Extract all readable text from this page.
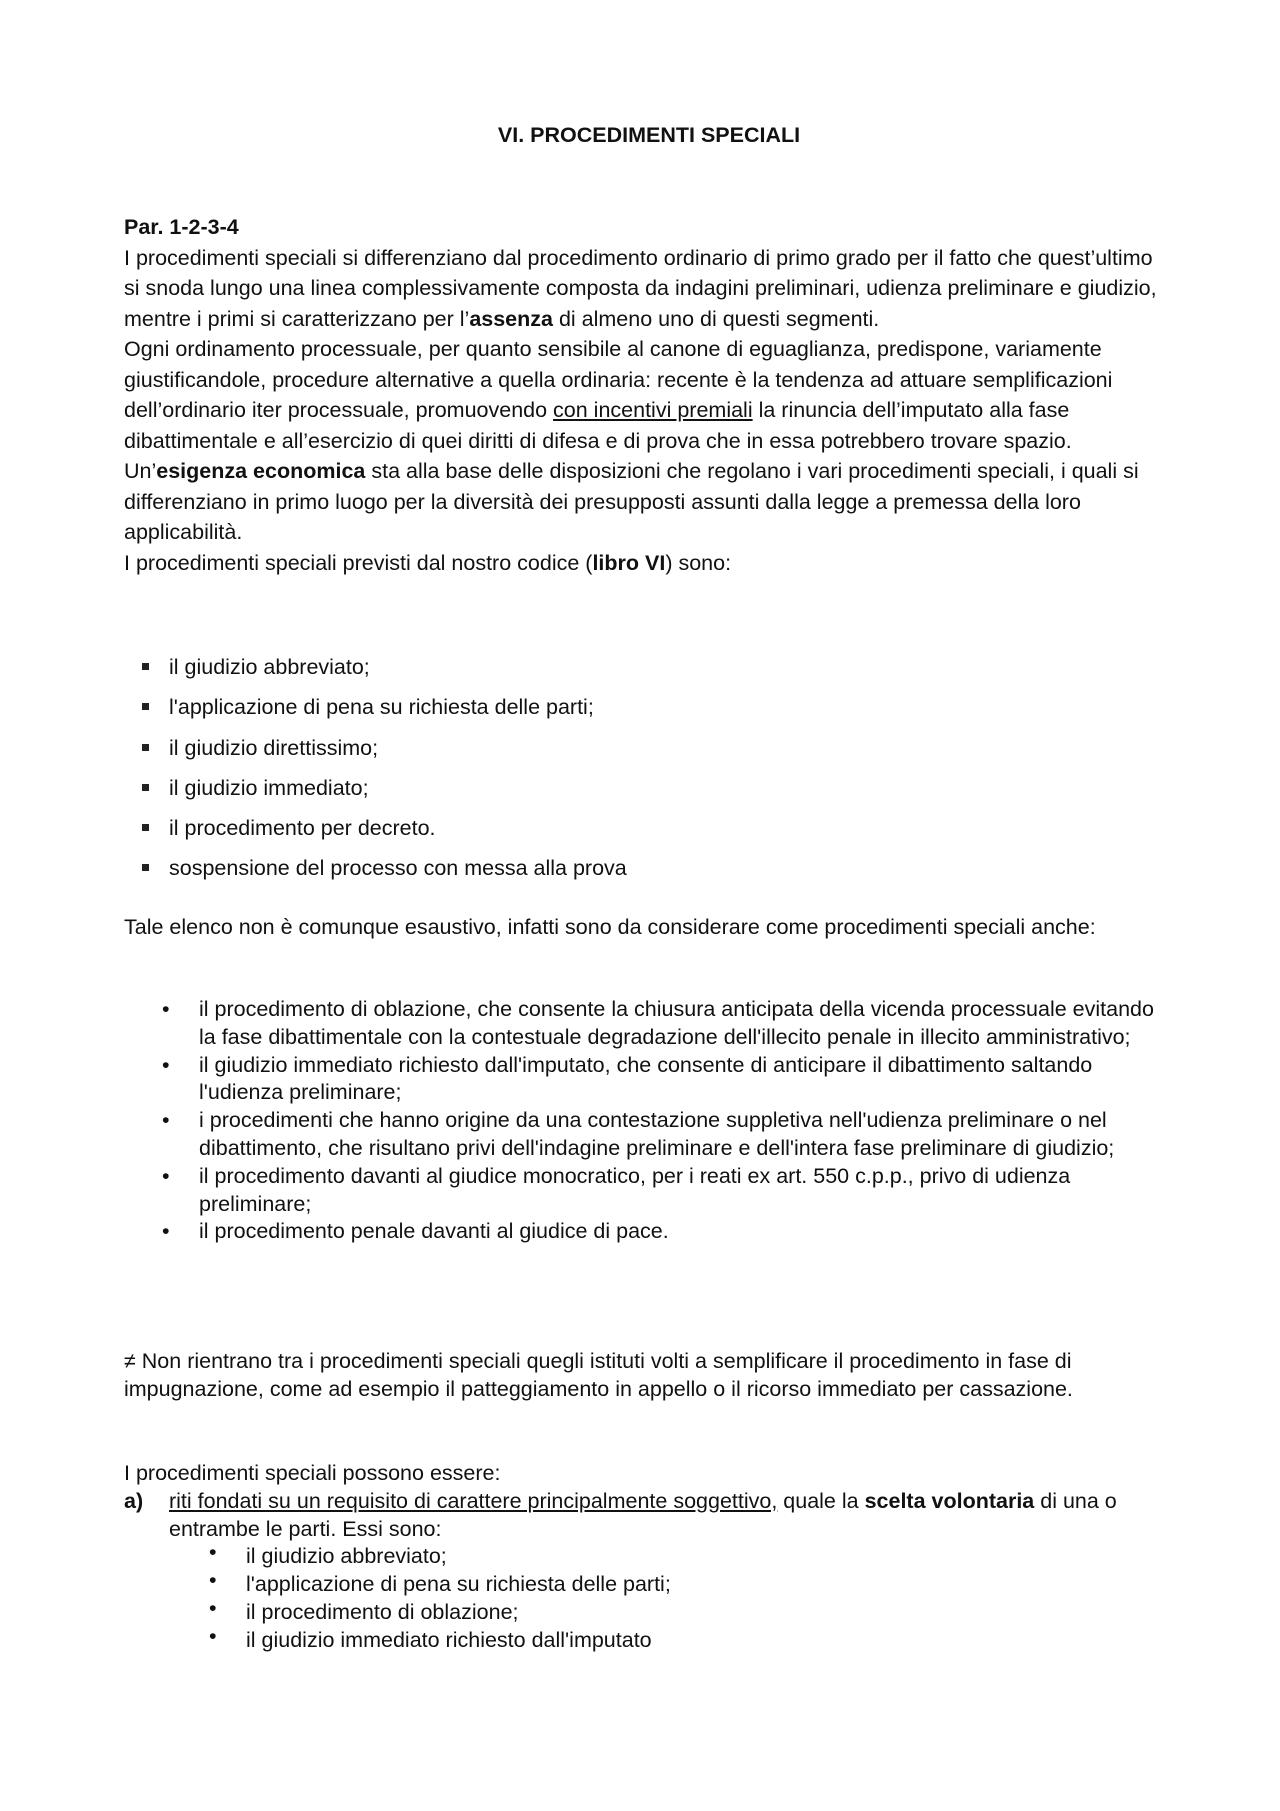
VI. PROCEDIMENTI SPECIALI

Par. 1-2-3-4

I procedimenti speciali si differenziano dal procedimento ordinario di primo grado per il fatto che quest’ultimo si snoda lungo una linea complessivamente composta da indagini preliminari, udienza preliminare e giudizio, mentre i primi si caratterizzano per l’assenza di almeno uno di questi segmenti.

Ogni ordinamento processuale, per quanto sensibile al canone di eguaglianza, predispone, variamente giustificandole, procedure alternative a quella ordinaria: recente è la tendenza ad attuare semplificazioni dell’ordinario iter processuale, promuovendo con incentivi premiali la rinuncia dell’imputato alla fase dibattimentale e all’esercizio di quei diritti di difesa e di prova che in essa potrebbero trovare spazio.

Un’esigenza economica sta alla base delle disposizioni che regolano i vari procedimenti speciali, i quali si differenziano in primo luogo per la diversità dei presupposti assunti dalla legge a premessa della loro applicabilità.

I procedimenti speciali previsti dal nostro codice (libro VI) sono:

il giudizio abbreviato;
l'applicazione di pena su richiesta delle parti;
il giudizio direttissimo;
il giudizio immediato;
il procedimento per decreto.
sospensione del processo con messa alla prova

Tale elenco non è comunque esaustivo, infatti sono da considerare come procedimenti speciali anche:

• il procedimento di oblazione, che consente la chiusura anticipata della vicenda processuale evitando la fase dibattimentale con la contestuale degradazione dell'illecito penale in illecito amministrativo;
• il giudizio immediato richiesto dall'imputato, che consente di anticipare il dibattimento saltando l'udienza preliminare;
• i procedimenti che hanno origine da una contestazione suppletiva nell'udienza preliminare o nel dibattimento, che risultano privi dell'indagine preliminare e dell'intera fase preliminare di giudizio;
• il procedimento davanti al giudice monocratico, per i reati ex art. 550 c.p.p., privo di udienza preliminare;
• il procedimento penale davanti al giudice di pace.

≠ Non rientrano tra i procedimenti speciali quegli istituti volti a semplificare il procedimento in fase di impugnazione, come ad esempio il patteggiamento in appello o il ricorso immediato per cassazione.

I procedimenti speciali possono essere:

a) riti fondati su un requisito di carattere principalmente soggettivo, quale la scelta volontaria di una o entrambe le parti. Essi sono:
• il giudizio abbreviato;
• l'applicazione di pena su richiesta delle parti;
• il procedimento di oblazione;
• il giudizio immediato richiesto dall'imputato
